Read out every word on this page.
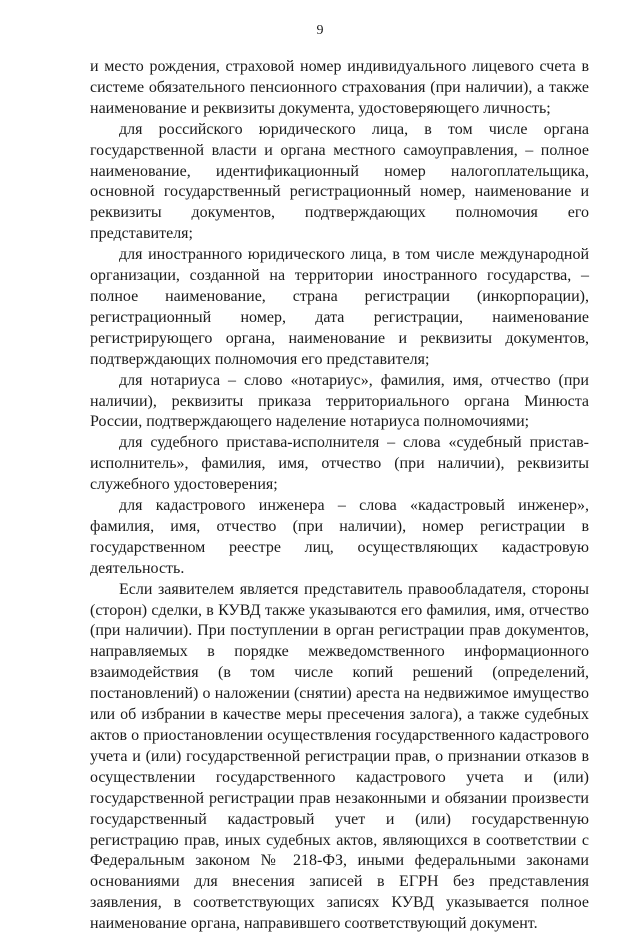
9

и место рождения, страховой номер индивидуального лицевого счета в системе обязательного пенсионного страхования (при наличии), а также наименование и реквизиты документа, удостоверяющего личность;

для российского юридического лица, в том числе органа государственной власти и органа местного самоуправления, – полное наименование, идентификационный номер налогоплательщика, основной государственный регистрационный номер, наименование и реквизиты документов, подтверждающих полномочия его представителя;

для иностранного юридического лица, в том числе международной организации, созданной на территории иностранного государства, – полное наименование, страна регистрации (инкорпорации), регистрационный номер, дата регистрации, наименование регистрирующего органа, наименование и реквизиты документов, подтверждающих полномочия его представителя;

для нотариуса – слово «нотариус», фамилия, имя, отчество (при наличии), реквизиты приказа территориального органа Минюста России, подтверждающего наделение нотариуса полномочиями;

для судебного пристава-исполнителя – слова «судебный пристав-исполнитель», фамилия, имя, отчество (при наличии), реквизиты служебного удостоверения;

для кадастрового инженера – слова «кадастровый инженер», фамилия, имя, отчество (при наличии), номер регистрации в государственном реестре лиц, осуществляющих кадастровую деятельность.

Если заявителем является представитель правообладателя, стороны (сторон) сделки, в КУВД также указываются его фамилия, имя, отчество (при наличии). При поступлении в орган регистрации прав документов, направляемых в порядке межведомственного информационного взаимодействия (в том числе копий решений (определений, постановлений) о наложении (снятии) ареста на недвижимое имущество или об избрании в качестве меры пресечения залога), а также судебных актов о приостановлении осуществления государственного кадастрового учета и (или) государственной регистрации прав, о признании отказов в осуществлении государственного кадастрового учета и (или) государственной регистрации прав незаконными и обязании произвести государственный кадастровый учет и (или) государственную регистрацию прав, иных судебных актов, являющихся в соответствии с Федеральным законом № 218-ФЗ, иными федеральными законами основаниями для внесения записей в ЕГРН без представления заявления, в соответствующих записях КУВД указывается полное наименование органа, направившего соответствующий документ.
